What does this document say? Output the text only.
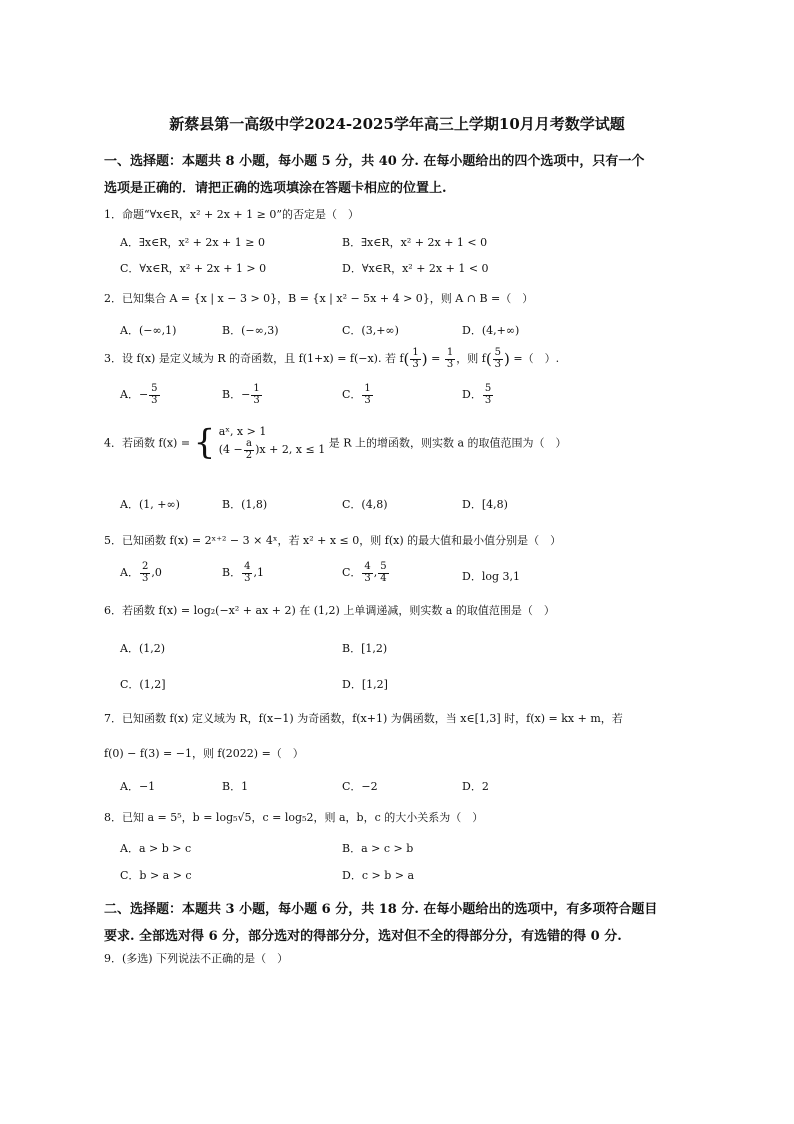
新蔡县第一高级中学2024-2025学年高三上学期10月月考数学试题
一、选择题：本题共 8 小题，每小题 5 分，共 40 分. 在每小题给出的四个选项中，只有一个
选项是正确的．请把正确的选项填涂在答题卡相应的位置上.
1．命题“∀x∈R，x² + 2x + 1 ≥ 0”的否定是（　）
A．∃x∈R，x² + 2x + 1 ≥ 0	B．∃x∈R，x² + 2x + 1 < 0
C．∀x∈R，x² + 2x + 1 > 0	D．∀x∈R，x² + 2x + 1 < 0
2．已知集合 A = {x | x − 3 > 0}，B = {x | x² − 5x + 4 > 0}，则 A ∩ B =（　）
A．(−∞,1)	B．(−∞,3)	C．(3,+∞)	D．(4,+∞)
3．设 f(x) 是定义域为 R 的奇函数，且 f(1+x) = f(−x). 若 $f( \frac{1}{3}$ ) = $\frac{1}{3}$ ，则 $f( \frac{5}{3}$ ) =（　）.
A．− $\frac{5}{3}$	B．− $\frac{1}{3}$	C． $\frac{1}{3}$	D． $\frac{5}{3}$
4．若函数 f(x) = { aˣ, x > 1
$(4 - \frac{a}{2} )x + 2$, x ≤ 1
是 R 上的增函数，则实数 a 的取值范围为（　）
A．(1, +∞)	B．(1,8)	C．(4,8)	D．[4,8)
5．已知函数 f(x) = 2ˣ⁺² − 3 × 4ˣ，若 x² + x ≤ 0，则 f(x) 的最大值和最小值分别是（　）
A． $\frac{2}{3} ,0$	B． $\frac{4}{3} ,1$	C． $\frac{4}{3}$ , $\frac{5}{4}$	D．log 3,1
6．若函数 f(x) = log₂(−x² + ax + 2) 在 (1,2) 上单调递减，则实数 a 的取值范围是（　）
A．(1,2)	B．[1,2)
C．(1,2]	D．[1,2]
7．已知函数 f(x) 定义域为 R，f(x−1) 为奇函数，f(x+1) 为偶函数，当 x∈[1,3] 时，f(x) = kx + m，若
f(0) − f(3) = −1，则 f(2022) =（　）
A．−1	B．1	C．−2	D．2
8．已知 a = 5⁵，b = log₅√5，c = log₅2，则 a，b，c 的大小关系为（　）
A．a > b > c	B．a > c > b
C．b > a > c	D．c > b > a
二、选择题：本题共 3 小题，每小题 6 分，共 18 分. 在每小题给出的选项中，有多项符合题目
要求. 全部选对得 6 分，部分选对的得部分分，选对但不全的得部分分，有选错的得 0 分.
9．(多选) 下列说法不正确的是（　）
